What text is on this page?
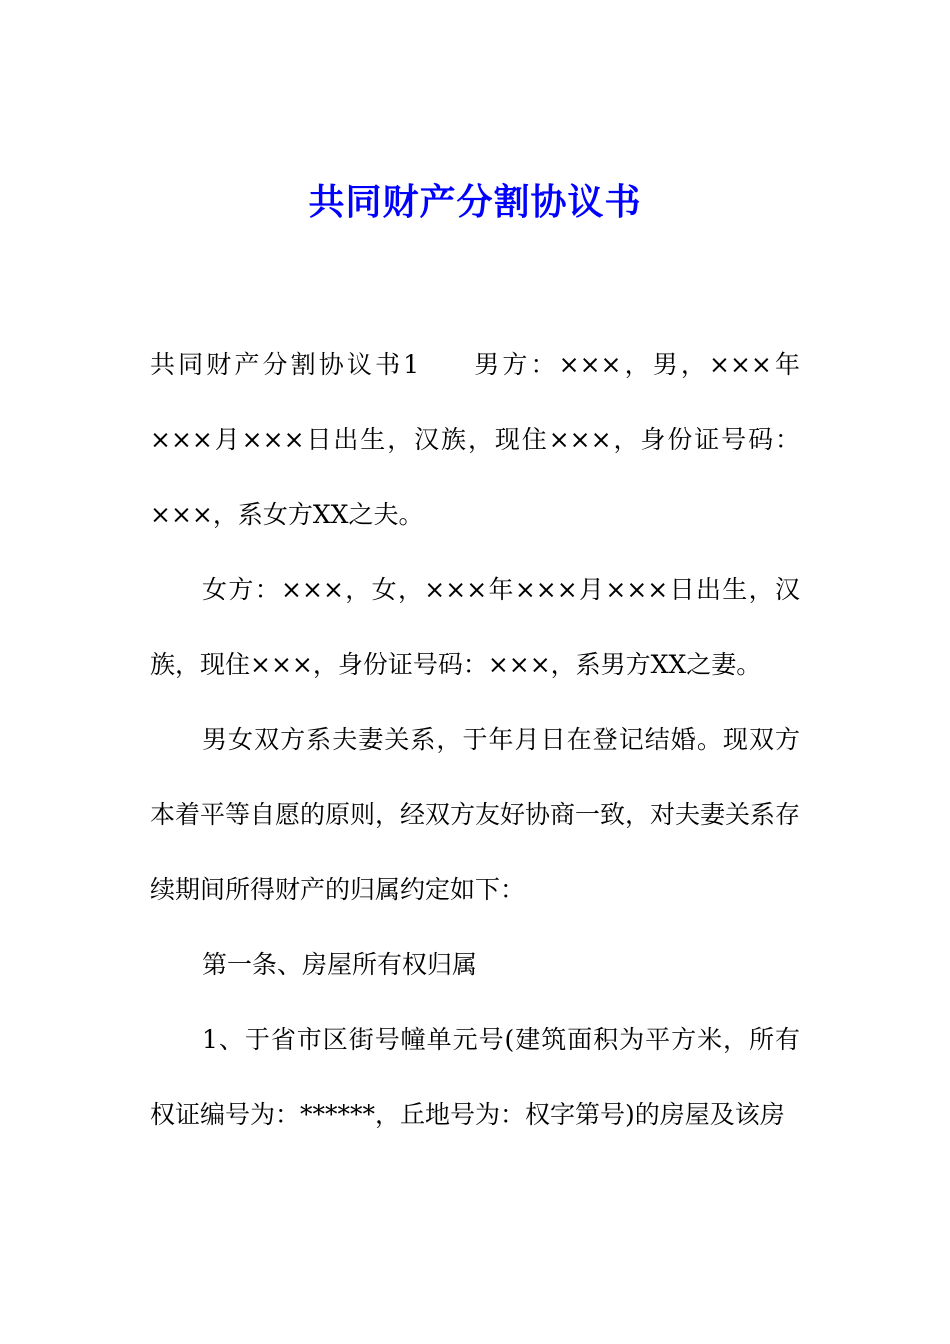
共同财产分割协议书

共同财产分割协议书1 男方：×××，男，×××年×××月×××日出生，汉族，现住×××，身份证号码：×××，系女方XX之夫。

女方：×××，女，×××年×××月×××日出生，汉族，现住×××，身份证号码：×××，系男方XX之妻。

男女双方系夫妻关系，于年月日在登记结婚。现双方本着平等自愿的原则，经双方友好协商一致，对夫妻关系存续期间所得财产的归属约定如下：

第一条、房屋所有权归属

1、于省市区街号幢单元号(建筑面积为平方米，所有权证编号为：******，丘地号为：权字第号)的房屋及该房
